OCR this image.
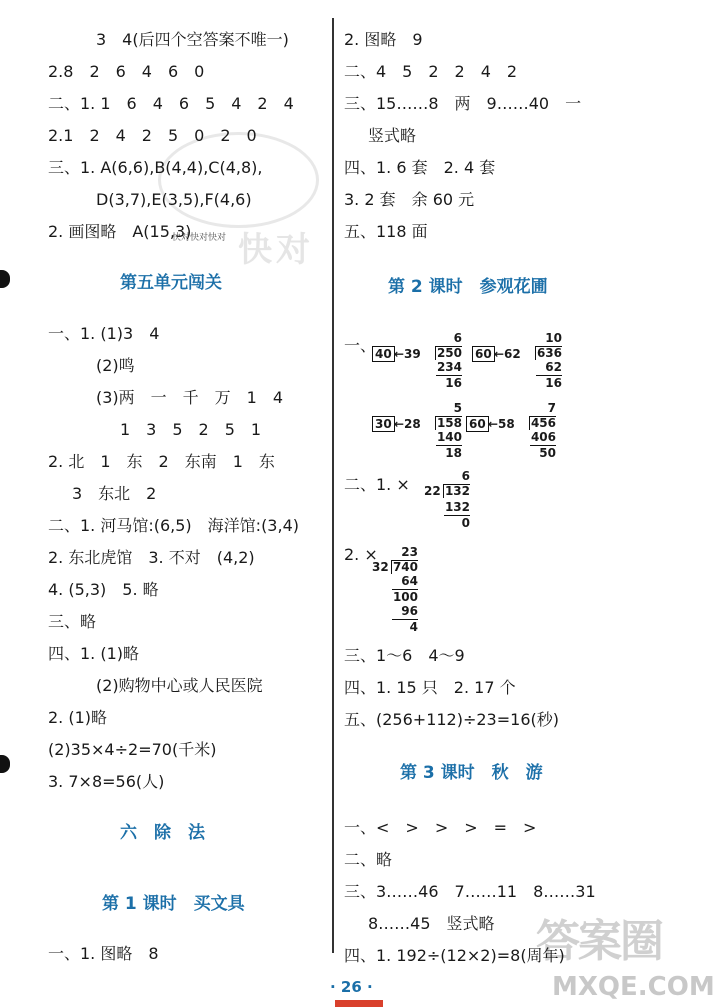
快对
快对快对快对
答案圈
MXQE.COM
3　4(后四个空答案不唯一)
2.8　2　6　4　6　0
二、1. 1　6　4　6　5　4　2　4
2.1　2　4　2　5　0　2　0
三、1. A(6,6),B(4,4),C(4,8),
D(3,7),E(3,5),F(4,6)
2. 画图略　A(15,3)
第五单元闯关
一、1. (1)3　4
(2)鸣
(3)两　一　千　万　1　4
1　3　5　2　5　1
2. 北　1　东　2　东南　1　东
3　东北　2
二、1. 河马馆:(6,5)　海洋馆:(3,4)
2. 东北虎馆　3. 不对　(4,2)
4. (5,3)　5. 略
三、略
四、1. (1)略
(2)购物中心或人民医院
2. (1)略
(2)35×4÷2=70(千米)
3. 7×8=56(人)
六　除　法
第 1 课时　买文具
一、1. 图略　8
2. 图略　9
二、4　5　2　2　4　2
三、15……8　两　9……40　一
竖式略
四、1. 6 套　2. 4 套
3. 2 套　余 60 元
五、118 面
第 2 课时　参观花圃
一、
40 ←39
6
250
234
16
60 ←62
10
636
62
16
30 ←28
5
158
140
18
60 ←58
7
456
406
50
二、1. ×	6
22 132
132
0
2. × 23
32 740
64
100
96
4
三、1～6　4～9
四、1. 15 只　2. 17 个
五、(256+112)÷23=16(秒)
第 3 课时　秋　游
一、<　>　>　>　=　>
二、略
三、3……46　7……11　8……31
8……45　竖式略
四、1. 192÷(12×2)=8(周年)
· 26 ·
